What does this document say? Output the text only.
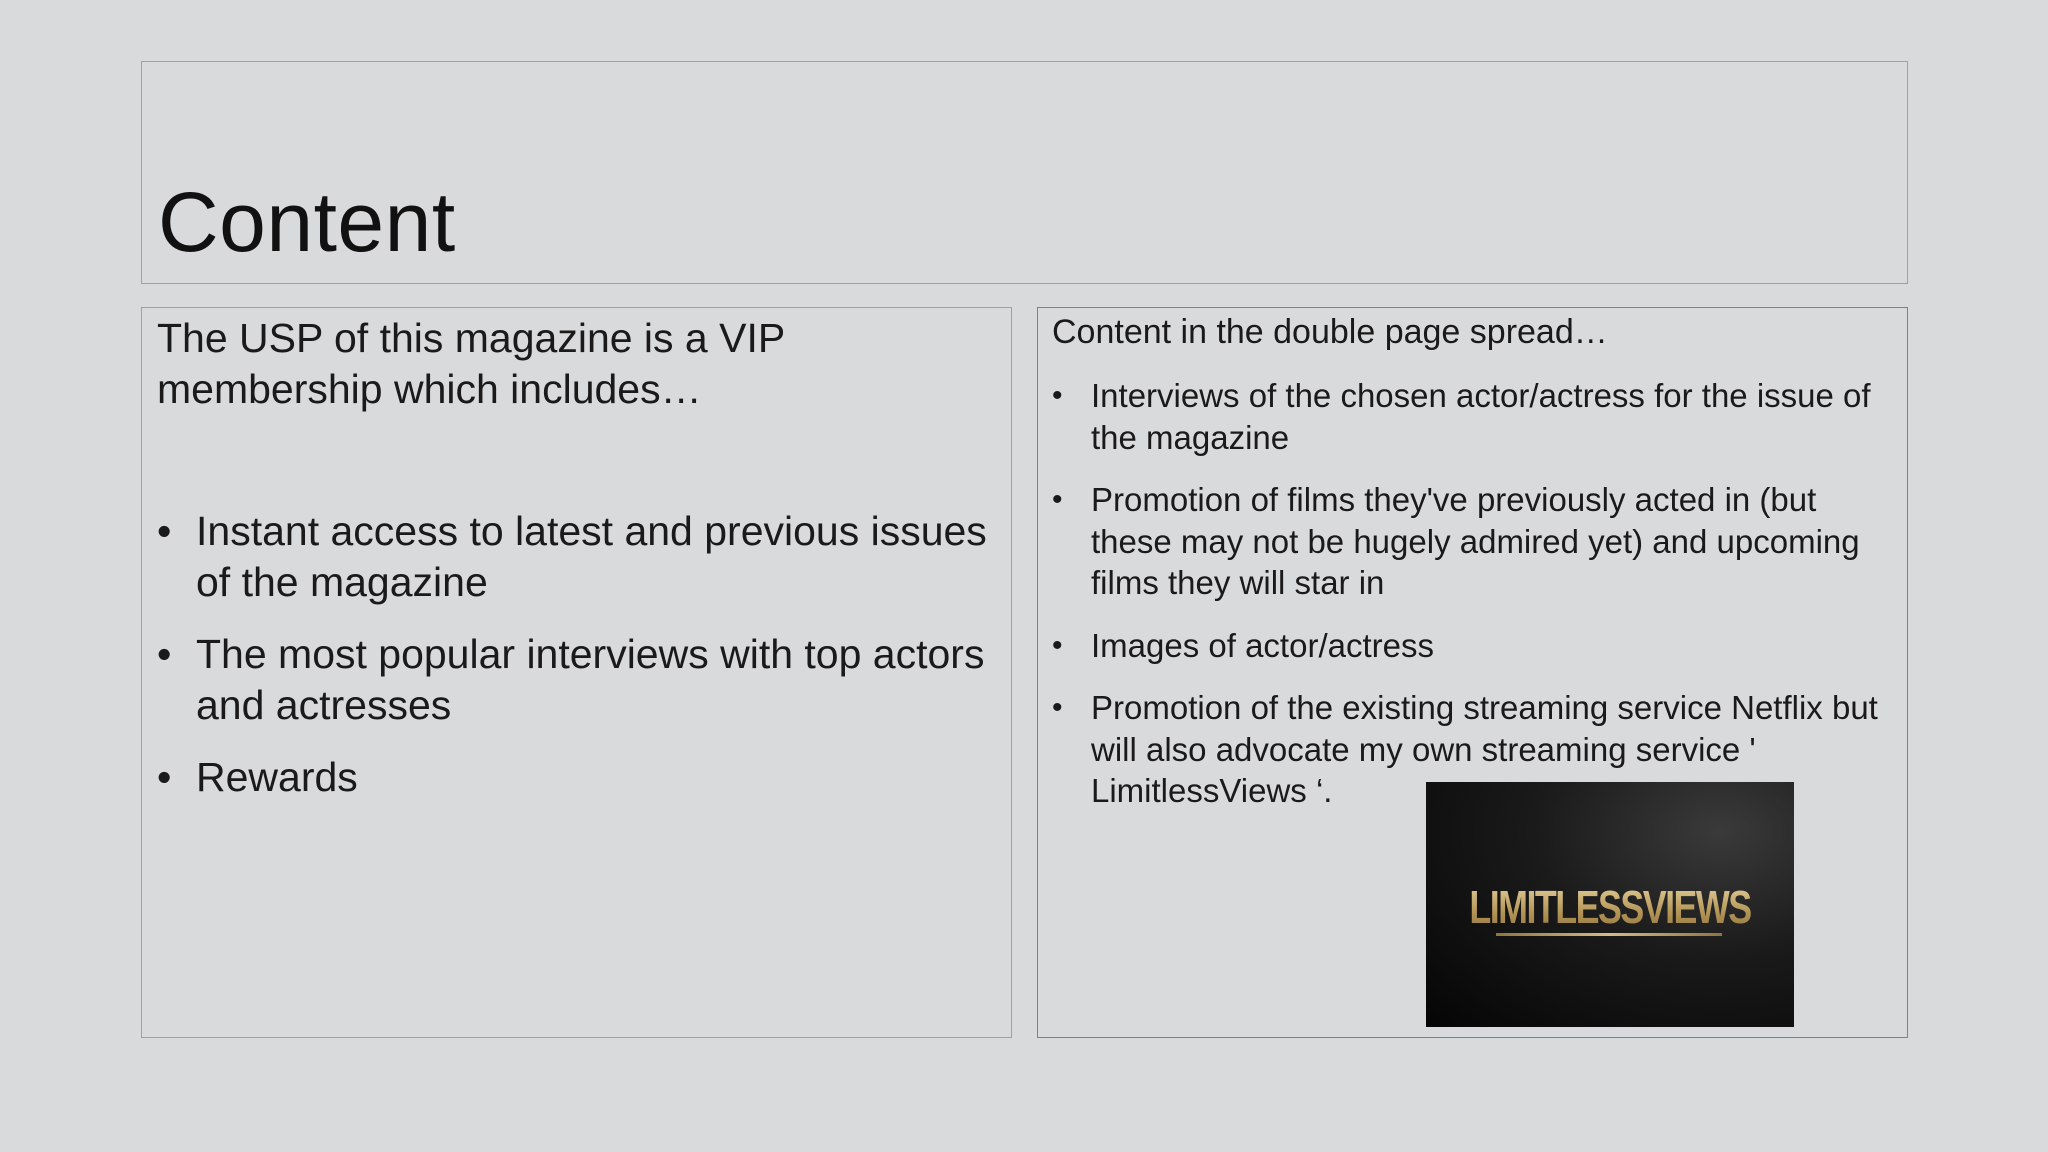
Content
The USP of this magazine is a VIP membership which includes…
• Instant access to latest and previous issues of the magazine
• The most popular interviews with top actors and actresses
• Rewards
Content in the double page spread…
• Interviews of the chosen actor/actress for the issue of the magazine
• Promotion of films they've previously acted in (but these may not be hugely admired yet) and upcoming films they will star in
• Images of actor/actress
• Promotion of the existing streaming service Netflix but will also advocate my own streaming service ' LimitlessViews ‘.
LIMITLESSVIEWS
